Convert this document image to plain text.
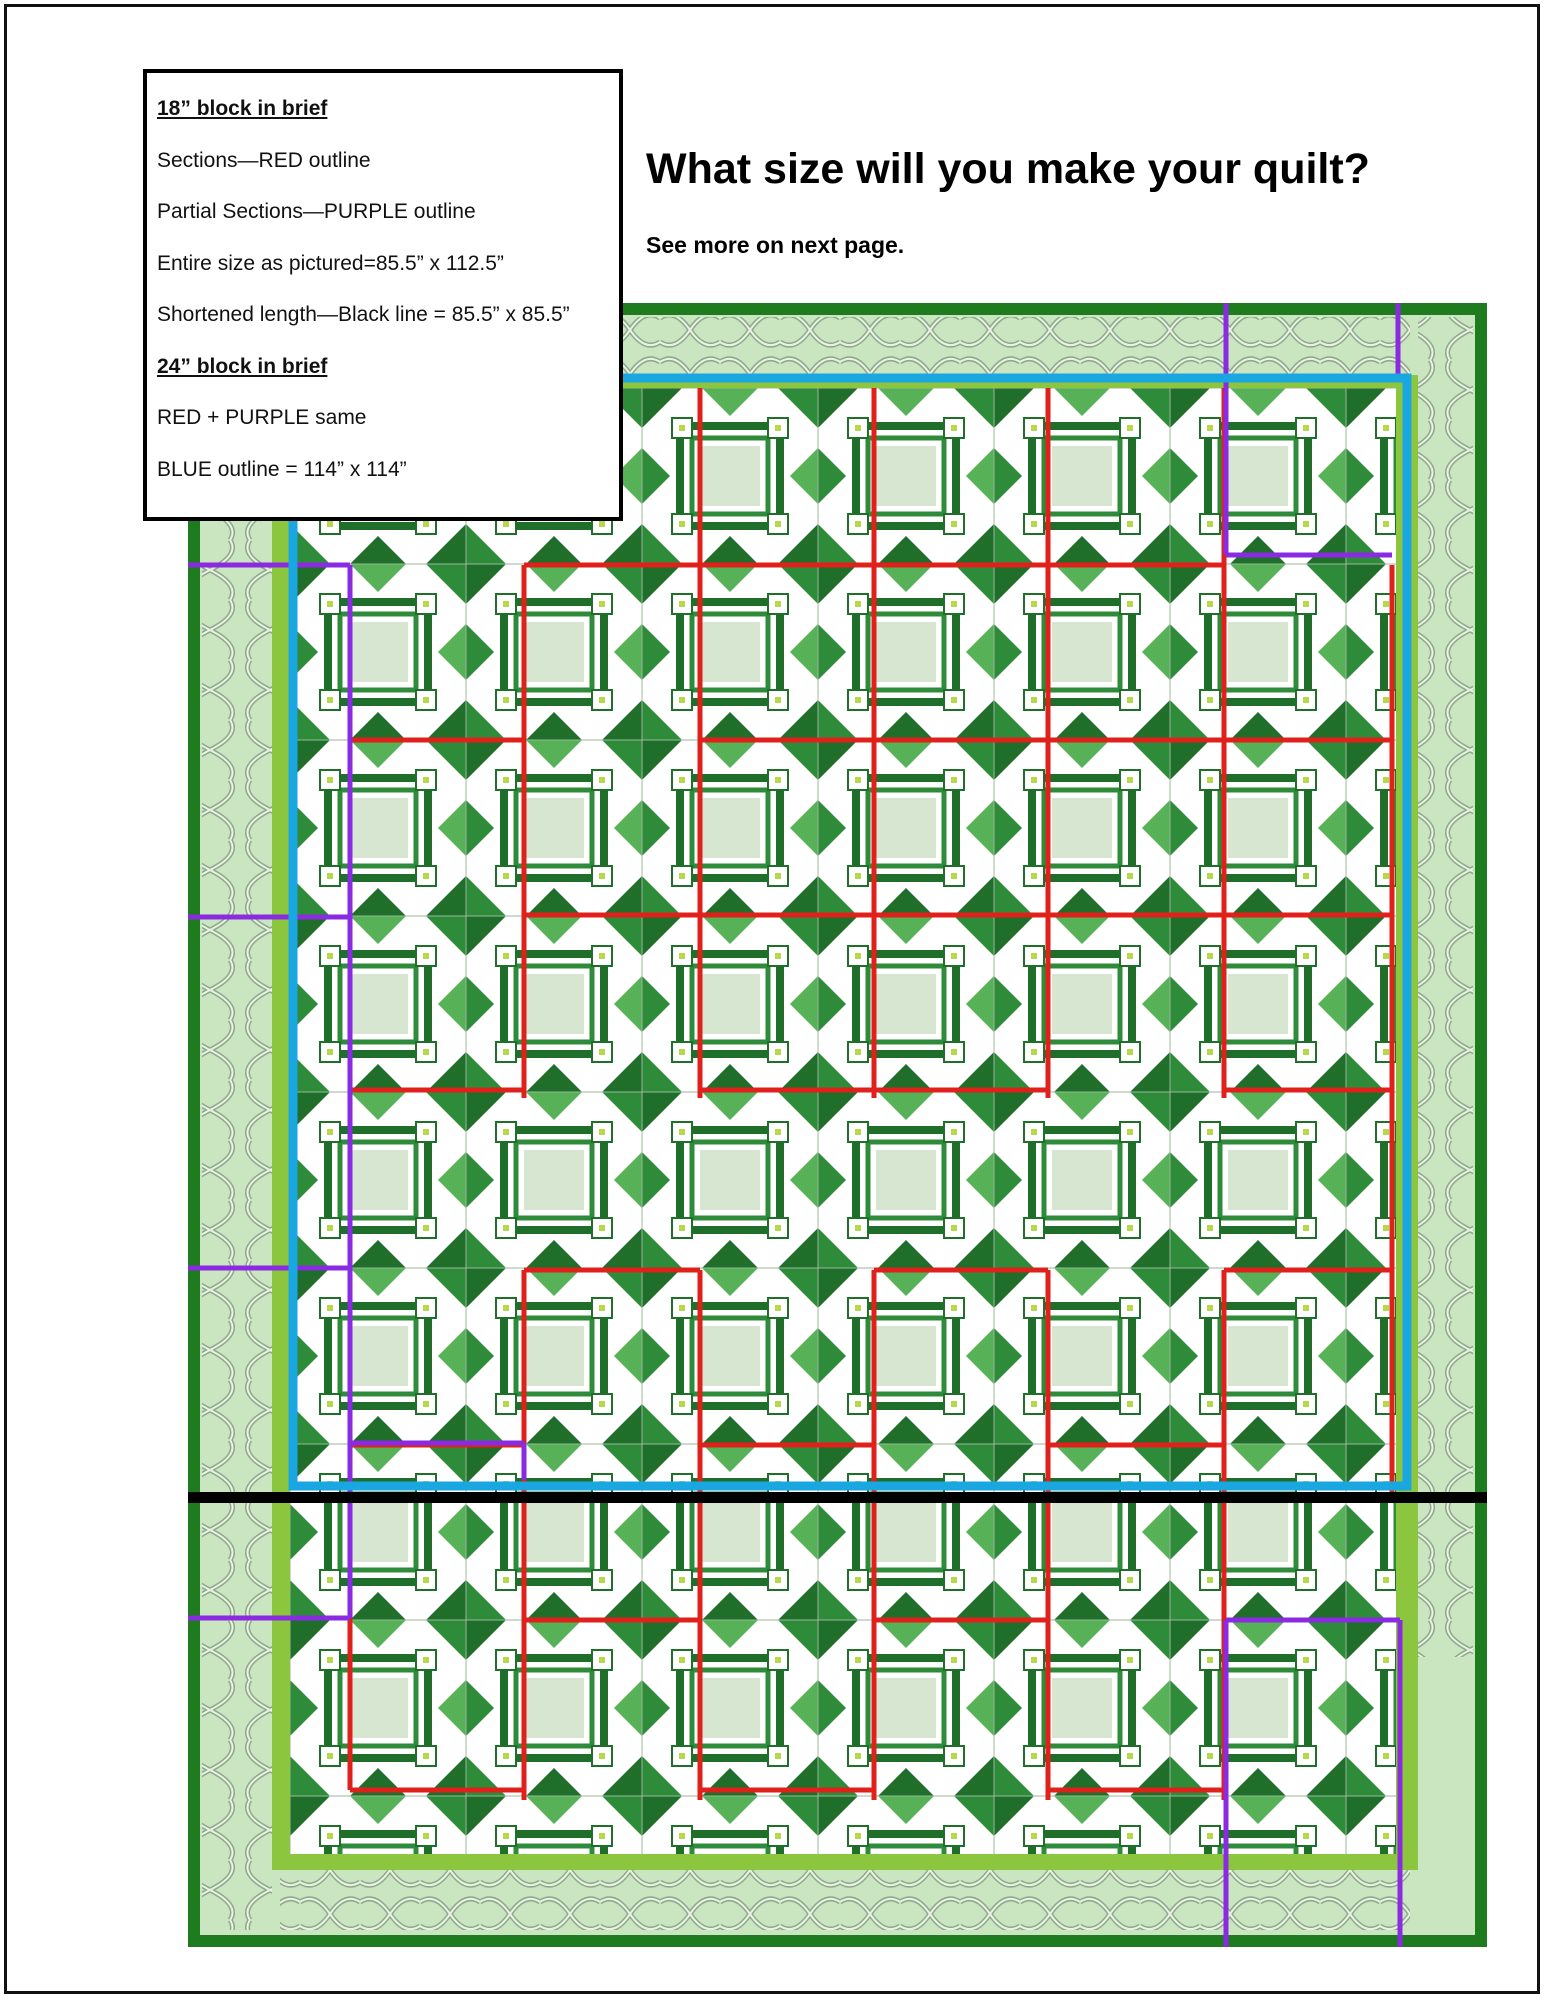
18” block in brief
Sections—RED outline
Partial Sections—PURPLE outline
Entire size as pictured=85.5” x 112.5”
Shortened length—Black line = 85.5” x 85.5”
24” block in brief
RED + PURPLE same
BLUE outline = 114” x 114”
What size will you make your quilt?
See more on next page.
